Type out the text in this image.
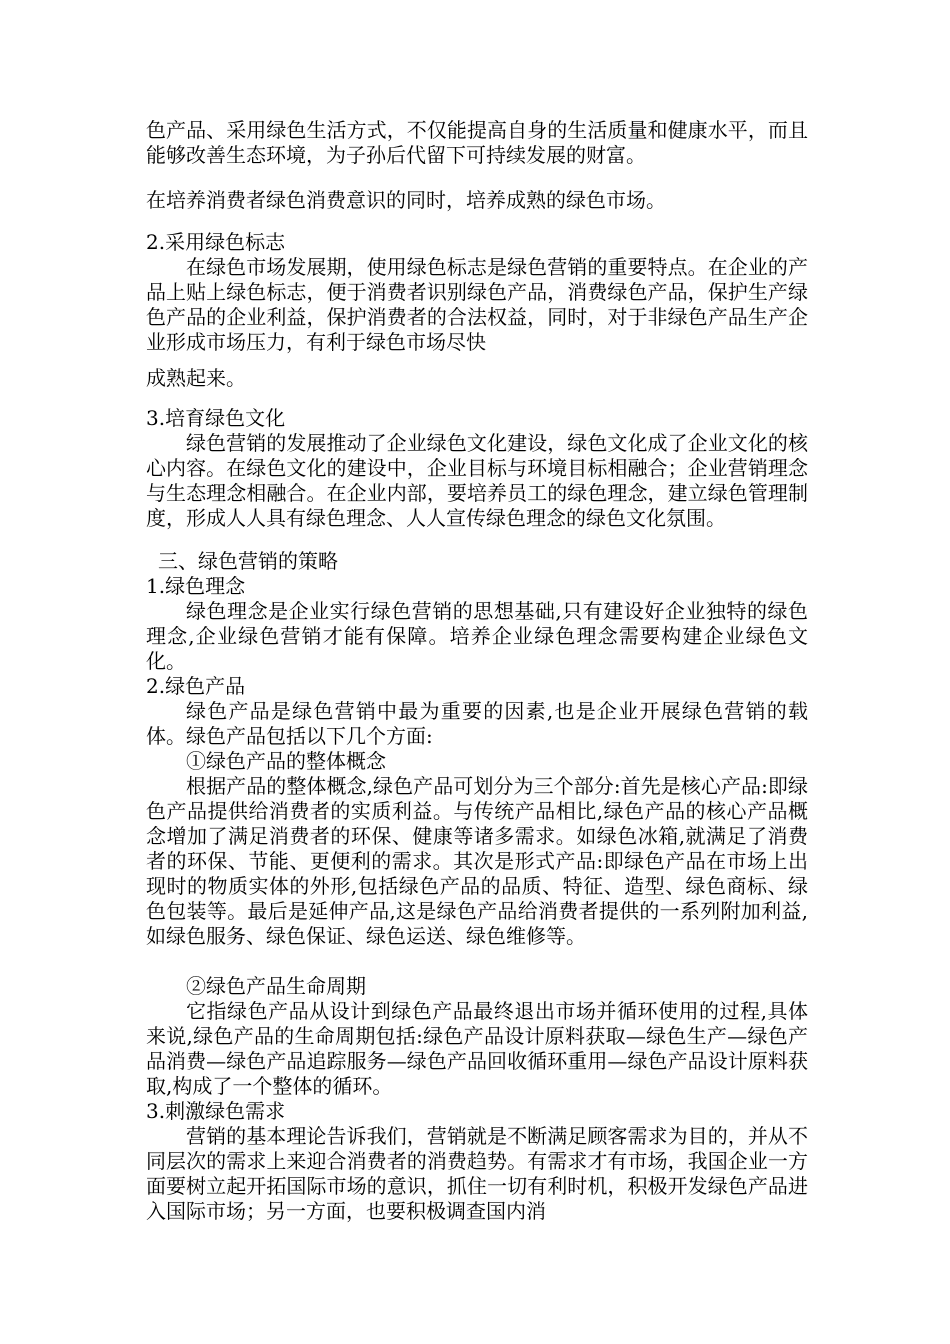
色产品、采用绿色生活方式，不仅能提高自身的生活质量和健康水平，而且能够改善生态环境，为子孙后代留下可持续发展的财富。

在培养消费者绿色消费意识的同时，培养成熟的绿色市场。

2.采用绿色标志

在绿色市场发展期，使用绿色标志是绿色营销的重要特点。在企业的产品上贴上绿色标志，便于消费者识别绿色产品，消费绿色产品，保护生产绿色产品的企业利益，保护消费者的合法权益，同时，对于非绿色产品生产企业形成市场压力，有利于绿色市场尽快

成熟起来。

3.培育绿色文化

绿色营销的发展推动了企业绿色文化建设，绿色文化成了企业文化的核心内容。在绿色文化的建设中，企业目标与环境目标相融合；企业营销理念与生态理念相融合。在企业内部，要培养员工的绿色理念，建立绿色管理制度，形成人人具有绿色理念、人人宣传绿色理念的绿色文化氛围。

三、绿色营销的策略

1.绿色理念

绿色理念是企业实行绿色营销的思想基础,只有建设好企业独特的绿色理念,企业绿色营销才能有保障。培养企业绿色理念需要构建企业绿色文化。

2.绿色产品

绿色产品是绿色营销中最为重要的因素,也是企业开展绿色营销的载体。绿色产品包括以下几个方面:

①绿色产品的整体概念

根据产品的整体概念,绿色产品可划分为三个部分:首先是核心产品:即绿色产品提供给消费者的实质利益。与传统产品相比,绿色产品的核心产品概念增加了满足消费者的环保、健康等诸多需求。如绿色冰箱,就满足了消费者的环保、节能、更便利的需求。其次是形式产品:即绿色产品在市场上出现时的物质实体的外形,包括绿色产品的品质、特征、造型、绿色商标、绿色包装等。最后是延伸产品,这是绿色产品给消费者提供的一系列附加利益,如绿色服务、绿色保证、绿色运送、绿色维修等。

②绿色产品生命周期

它指绿色产品从设计到绿色产品最终退出市场并循环使用的过程,具体来说,绿色产品的生命周期包括:绿色产品设计原料获取—绿色生产—绿色产品消费—绿色产品追踪服务—绿色产品回收循环重用—绿色产品设计原料获取,构成了一个整体的循环。

3.刺激绿色需求

营销的基本理论告诉我们，营销就是不断满足顾客需求为目的，并从不同层次的需求上来迎合消费者的消费趋势。有需求才有市场，我国企业一方面要树立起开拓国际市场的意识，抓住一切有利时机，积极开发绿色产品进入国际市场；另一方面，也要积极调查国内消
